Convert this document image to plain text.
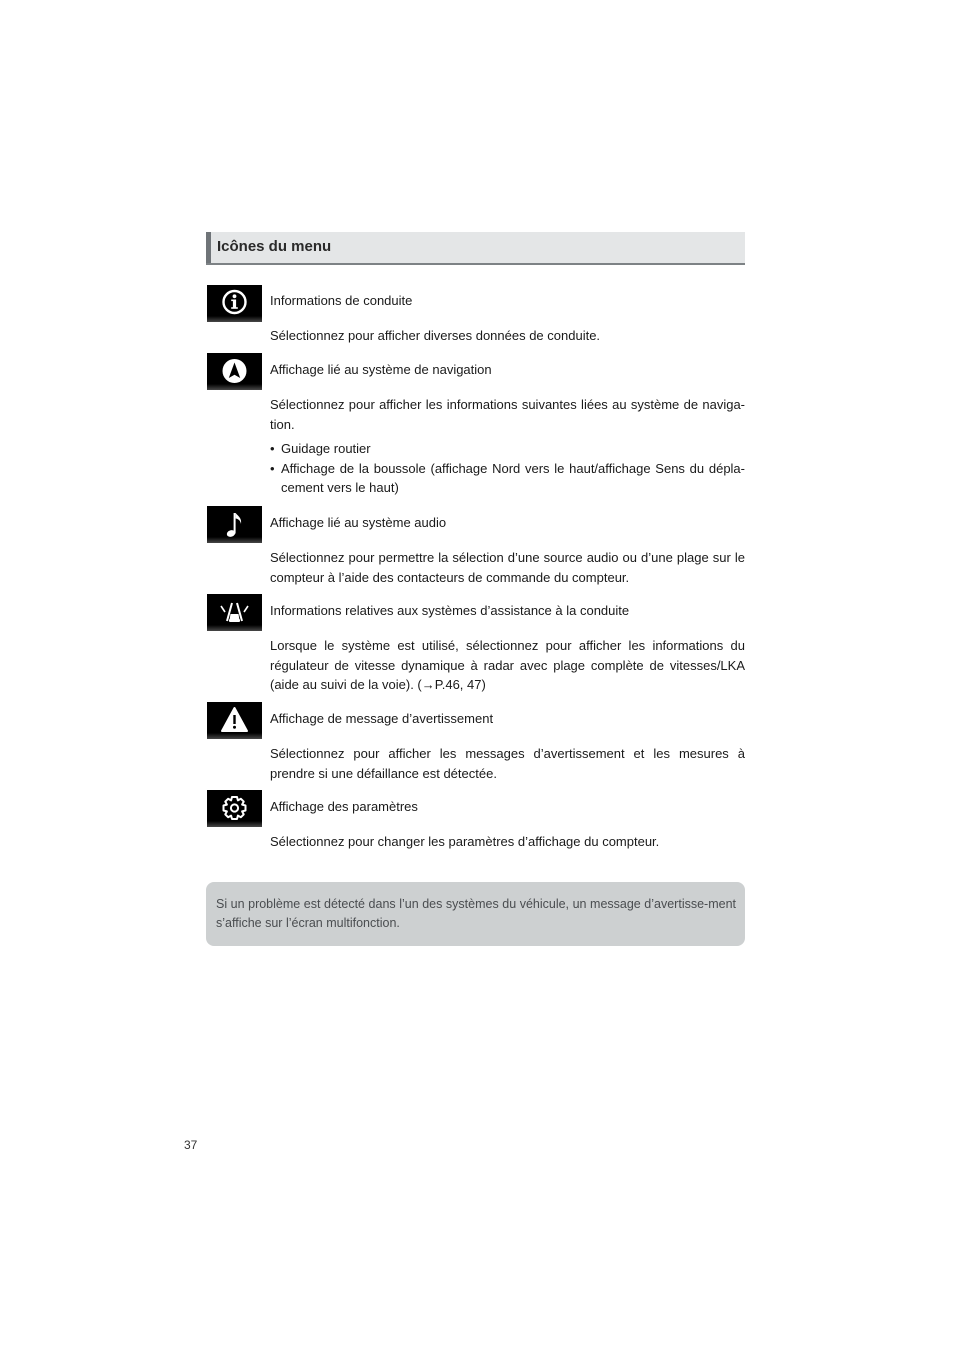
Icônes du menu

Informations de conduite

Sélectionnez pour afficher diverses données de conduite.

Affichage lié au système de navigation

Sélectionnez pour afficher les informations suivantes liées au système de naviga-tion.

• Guidage routier
• Affichage de la boussole (affichage Nord vers le haut/affichage Sens du dépla-cement vers le haut)

Affichage lié au système audio

Sélectionnez pour permettre la sélection d’une source audio ou d’une plage sur le compteur à l’aide des contacteurs de commande du compteur.

Informations relatives aux systèmes d’assistance à la conduite

Lorsque le système est utilisé, sélectionnez pour afficher les informations du régulateur de vitesse dynamique à radar avec plage complète de vitesses/LKA (aide au suivi de la voie). (→P.46, 47)

Affichage de message d’avertissement

Sélectionnez pour afficher les messages d’avertissement et les mesures à prendre si une défaillance est détectée.

Affichage des paramètres

Sélectionnez pour changer les paramètres d’affichage du compteur.

Si un problème est détecté dans l’un des systèmes du véhicule, un message d’avertisse-ment s’affiche sur l’écran multifonction.
37
